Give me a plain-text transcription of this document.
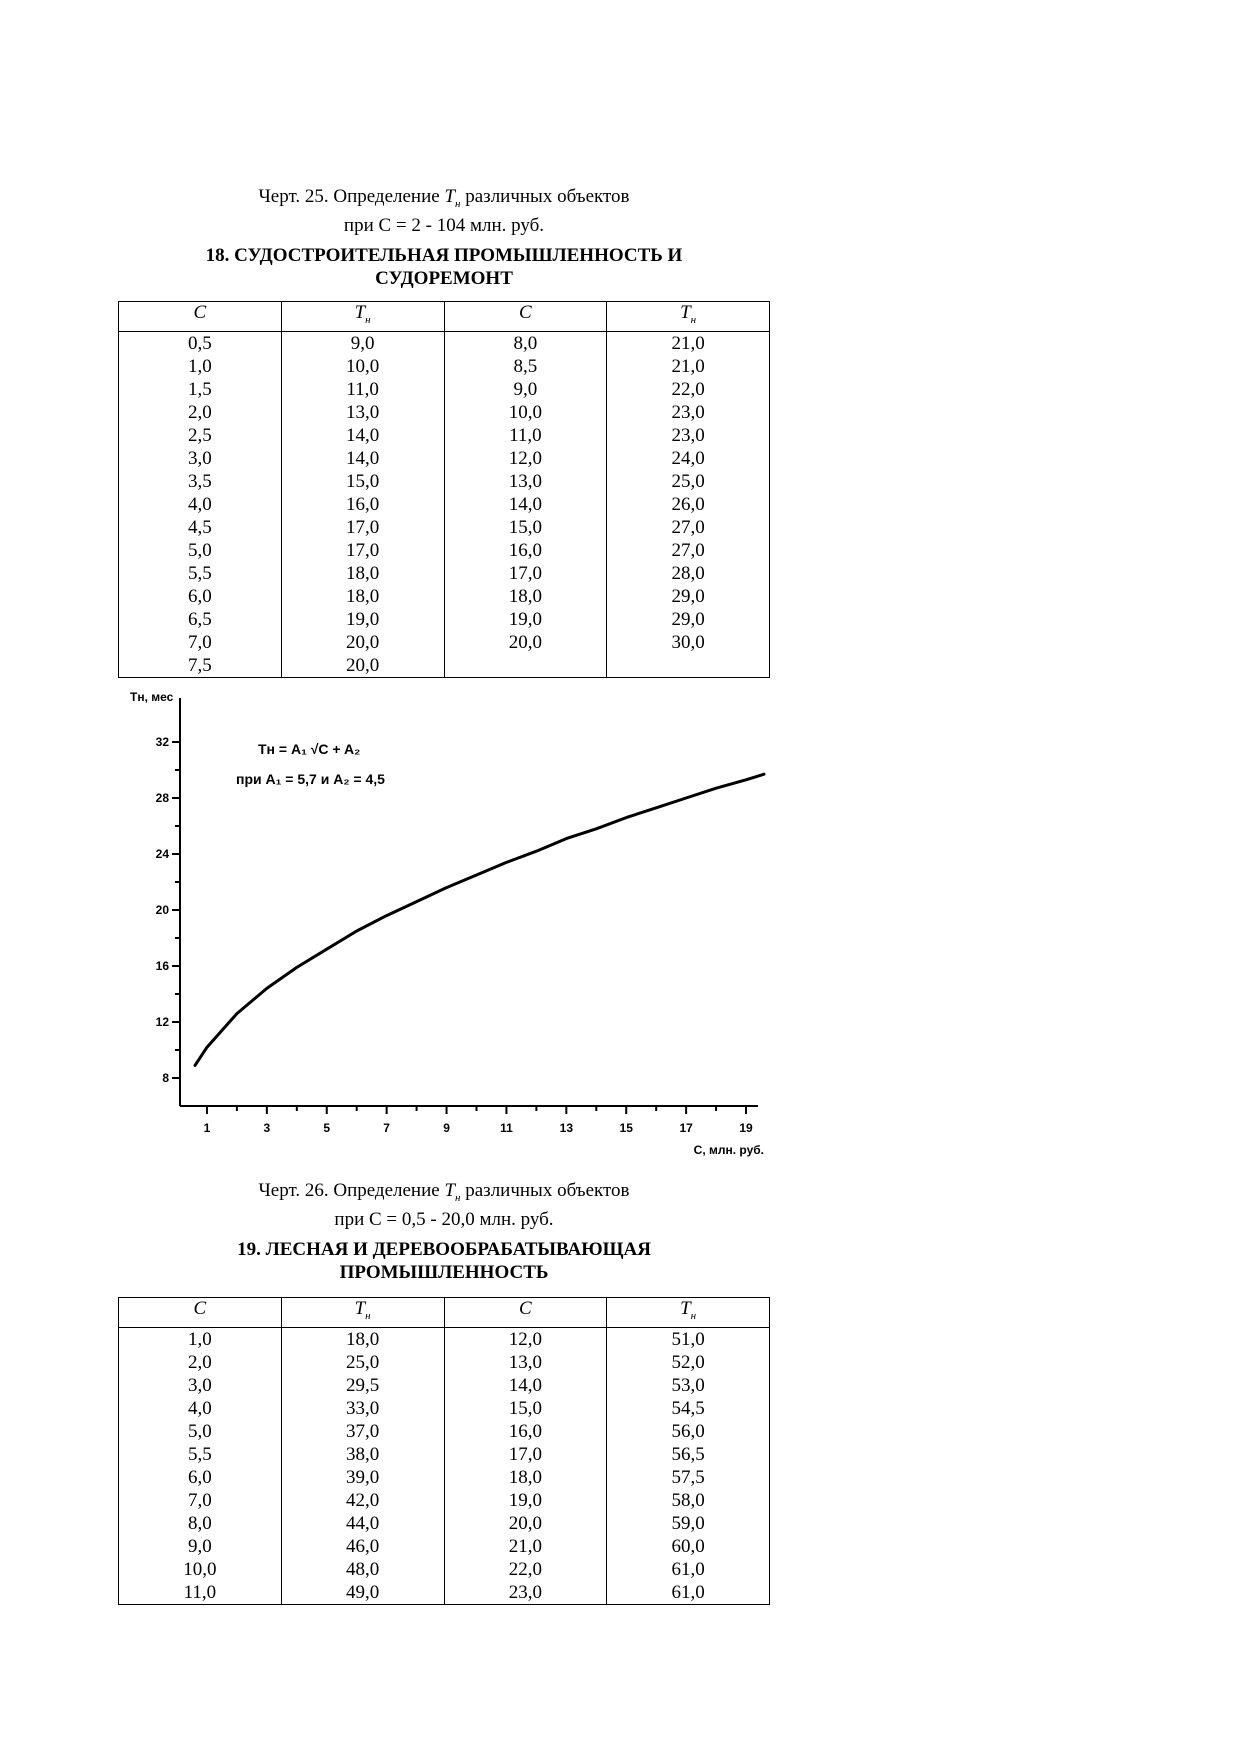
Черт. 25. Определение $T_н$ различных объектов
при C = 2 - 104 млн. руб.
18. СУДОСТРОИТЕЛЬНАЯ ПРОМЫШЛЕННОСТЬ И
СУДОРЕМОНТ
C	$T_н$	C	$T_н$
0,5	9,0	8,0	21,0
1,0	10,0	8,5	21,0
1,5	11,0	9,0	22,0
2,0	13,0	10,0	23,0
2,5	14,0	11,0	23,0
3,0	14,0	12,0	24,0
3,5	15,0	13,0	25,0
4,0	16,0	14,0	26,0
4,5	17,0	15,0	27,0
5,0	17,0	16,0	27,0
5,5	18,0	17,0	28,0
6,0	18,0	18,0	29,0
6,5	19,0	19,0	29,0
7,0	20,0	20,0	30,0
7,5	20,0		
1	3	5	7	9	11	13	15	17	19
8
12
16
20
24
28
32
Tн, мес
C, млн. руб.
Tн = A₁ √C + A₂
при A₁ = 5,7 и A₂ = 4,5
Черт. 26. Определение $T_н$ различных объектов
при C = 0,5 - 20,0 млн. руб.
19. ЛЕСНАЯ И ДЕРЕВООБРАБАТЫВАЮЩАЯ
ПРОМЫШЛЕННОСТЬ
C	$T_н$	C	$T_н$
1,0	18,0	12,0	51,0
2,0	25,0	13,0	52,0
3,0	29,5	14,0	53,0
4,0	33,0	15,0	54,5
5,0	37,0	16,0	56,0
5,5	38,0	17,0	56,5
6,0	39,0	18,0	57,5
7,0	42,0	19,0	58,0
8,0	44,0	20,0	59,0
9,0	46,0	21,0	60,0
10,0	48,0	22,0	61,0
11,0	49,0	23,0	61,0
